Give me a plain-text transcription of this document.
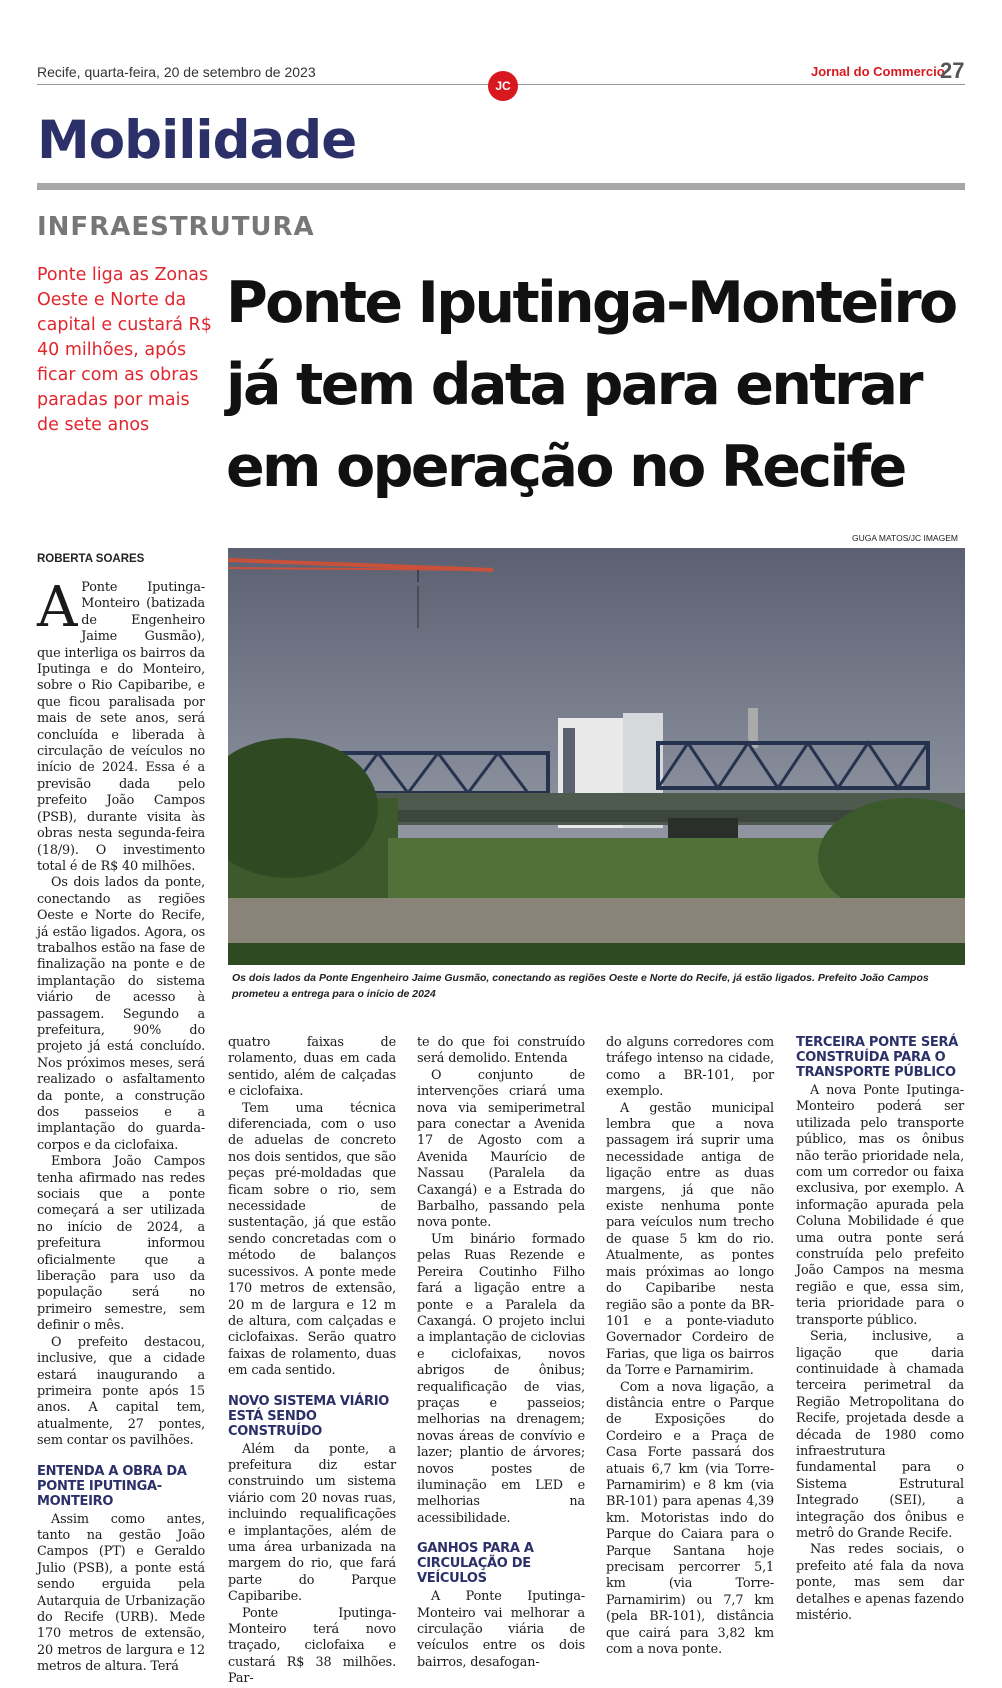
Recife, quarta-feira, 20 de setembro de 2023
JC
Jornal do Commercio
27
Mobilidade
INFRAESTRUTURA
Ponte liga as Zonas Oeste e Norte da capital e custará R$ 40 milhões, após ficar com as obras paradas por mais de sete anos
Ponte Iputinga-Monteiro já tem data para entrar em operação no Recife
ROBERTA SOARES
GUGA MATOS/JC IMAGEM
Os dois lados da Ponte Engenheiro Jaime Gusmão, conectando as regiões Oeste e Norte do Recife, já estão ligados. Prefeito João Campos prometeu a entrega para o início de 2024

A Ponte Iputinga-Monteiro (batizada de Engenheiro Jaime Gusmão), que interliga os bairros da Iputinga e do Monteiro, sobre o Rio Capibaribe, e que ficou paralisada por mais de sete anos, será concluída e liberada à circulação de veículos no início de 2024. Essa é a previsão dada pelo prefeito João Campos (PSB), durante visita às obras nesta segunda-feira (18/9). O investimento total é de R$ 40 milhões.

Os dois lados da ponte, conectando as regiões Oeste e Norte do Recife, já estão ligados. Agora, os trabalhos estão na fase de finalização na ponte e de implantação do sistema viário de acesso à passagem. Segundo a prefeitura, 90% do projeto já está concluído. Nos próximos meses, será realizado o asfaltamento da ponte, a construção dos passeios e a implantação do guarda-corpos e da ciclofaixa.

Embora João Campos tenha afirmado nas redes sociais que a ponte começará a ser utilizada no início de 2024, a prefeitura informou oficialmente que a liberação para uso da população será no primeiro semestre, sem definir o mês.

O prefeito destacou, inclusive, que a cidade estará inaugurando a primeira ponte após 15 anos. A capital tem, atualmente, 27 pontes, sem contar os pavilhões.

ENTENDA A OBRA DA PONTE IPUTINGA-MONTEIRO

Assim como antes, tanto na gestão João Campos (PT) e Geraldo Julio (PSB), a ponte está sendo erguida pela Autarquia de Urbanização do Recife (URB). Mede 170 metros de extensão, 20 metros de largura e 12 metros de altura. Terá

quatro faixas de rolamento, duas em cada sentido, além de calçadas e ciclofaixa.

Tem uma técnica diferenciada, com o uso de aduelas de concreto nos dois sentidos, que são peças pré-moldadas que ficam sobre o rio, sem necessidade de sustentação, já que estão sendo concretadas com o método de balanços sucessivos. A ponte mede 170 metros de extensão, 20 m de largura e 12 m de altura, com calçadas e ciclofaixas. Serão quatro faixas de rolamento, duas em cada sentido.

NOVO SISTEMA VIÁRIO ESTÁ SENDO CONSTRUÍDO

Além da ponte, a prefeitura diz estar construindo um sistema viário com 20 novas ruas, incluindo requalificações e implantações, além de uma área urbanizada na margem do rio, que fará parte do Parque Capibaribe.

Ponte Iputinga-Monteiro terá novo traçado, ciclofaixa e custará R$ 38 milhões. Par-

te do que foi construído será demolido. Entenda

O conjunto de intervenções criará uma nova via semiperimetral para conectar a Avenida 17 de Agosto com a Avenida Maurício de Nassau (Paralela da Caxangá) e a Estrada do Barbalho, passando pela nova ponte.

Um binário formado pelas Ruas Rezende e Pereira Coutinho Filho fará a ligação entre a ponte e a Paralela da Caxangá. O projeto inclui a implantação de ciclovias e ciclofaixas, novos abrigos de ônibus; requalificação de vias, praças e passeios; melhorias na drenagem; novas áreas de convívio e lazer; plantio de árvores; novos postes de iluminação em LED e melhorias na acessibilidade.

GANHOS PARA A CIRCULAÇÃO DE VEÍCULOS

A Ponte Iputinga-Monteiro vai melhorar a circulação viária de veículos entre os dois bairros, desafogan-

do alguns corredores com tráfego intenso na cidade, como a BR-101, por exemplo.

A gestão municipal lembra que a nova passagem irá suprir uma necessidade antiga de ligação entre as duas margens, já que não existe nenhuma ponte para veículos num trecho de quase 5 km do rio. Atualmente, as pontes mais próximas ao longo do Capibaribe nesta região são a ponte da BR-101 e a ponte-viaduto Governador Cordeiro de Farias, que liga os bairros da Torre e Parnamirim.

Com a nova ligação, a distância entre o Parque de Exposições do Cordeiro e a Praça de Casa Forte passará dos atuais 6,7 km (via Torre-Parnamirim) e 8 km (via BR-101) para apenas 4,39 km. Motoristas indo do Parque do Caiara para o Parque Santana hoje precisam percorrer 5,1 km (via Torre-Parnamirim) ou 7,7 km (pela BR-101), distância que cairá para 3,82 km com a nova ponte.

TERCEIRA PONTE SERÁ CONSTRUÍDA PARA O TRANSPORTE PÚBLICO

A nova Ponte Iputinga-Monteiro poderá ser utilizada pelo transporte público, mas os ônibus não terão prioridade nela, com um corredor ou faixa exclusiva, por exemplo. A informação apurada pela Coluna Mobilidade é que uma outra ponte será construída pelo prefeito João Campos na mesma região e que, essa sim, teria prioridade para o transporte público.

Seria, inclusive, a ligação que daria continuidade à chamada terceira perimetral da Região Metropolitana do Recife, projetada desde a década de 1980 como infraestrutura fundamental para o Sistema Estrutural Integrado (SEI), a integração dos ônibus e metrô do Grande Recife.

Nas redes sociais, o prefeito até fala da nova ponte, mas sem dar detalhes e apenas fazendo mistério.
